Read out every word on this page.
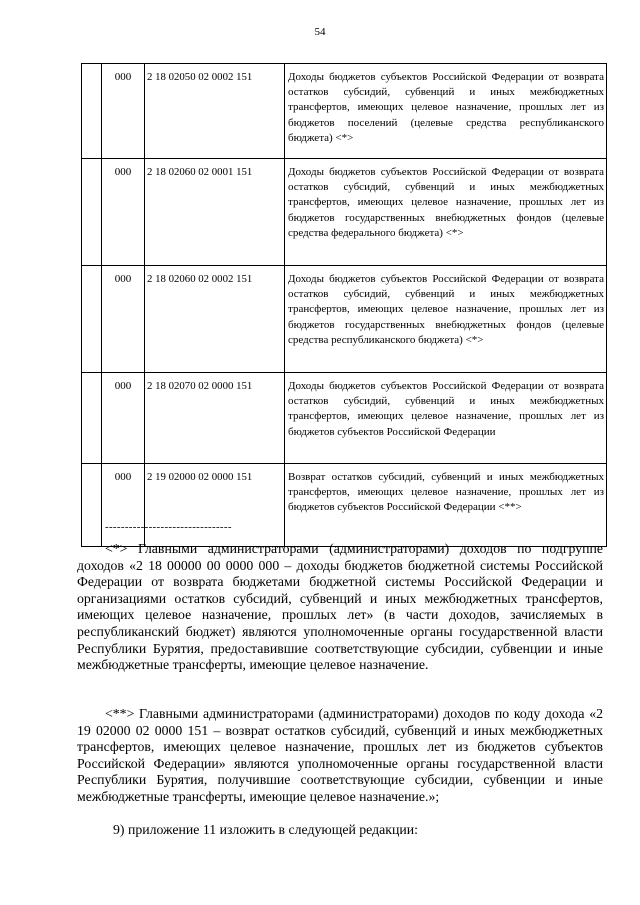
54
	000	2 18 02050 02 0002 151	Доходы бюджетов субъектов Российской Федерации от возврата остатков субсидий, субвенций и иных межбюджетных трансфертов, имеющих целевое назначение, прошлых лет из бюджетов поселений (целевые средства республиканского бюджета) <*>
	000	2 18 02060 02 0001 151	Доходы бюджетов субъектов Российской Федерации от возврата остатков субсидий, субвенций и иных межбюджетных трансфертов, имеющих целевое назначение, прошлых лет из бюджетов государственных внебюджетных фондов (целевые средства федерального бюджета) <*>
	000	2 18 02060 02 0002 151	Доходы бюджетов субъектов Российской Федерации от возврата остатков субсидий, субвенций и иных межбюджетных трансфертов, имеющих целевое назначение, прошлых лет из бюджетов государственных внебюджетных фондов (целевые средства республиканского бюджета) <*>
	000	2 18 02070 02 0000 151	Доходы бюджетов субъектов Российской Федерации от возврата остатков субсидий, субвенций и иных межбюджетных трансфертов, имеющих целевое назначение, прошлых лет из бюджетов субъектов Российской Федерации
	000	2 19 02000 02 0000 151	Возврат остатков субсидий, субвенций и иных межбюджетных трансфертов, имеющих целевое назначение, прошлых лет из бюджетов субъектов Российской Федерации <**>
--------------------------------

<*> Главными администраторами (администраторами) доходов по подгруппе доходов «2 18 00000 00 0000 000 – доходы бюджетов бюджетной системы Российской Федерации от возврата бюджетами бюджетной системы Российской Федерации и организациями остатков субсидий, субвенций и иных межбюджетных трансфертов, имеющих целевое назначение, прошлых лет» (в части доходов, зачисляемых в республиканский бюджет) являются уполномоченные органы государственной власти Республики Бурятия, предоставившие соответствующие субсидии, субвенции и иные межбюджетные трансферты, имеющие целевое назначение.

<**> Главными администраторами (администраторами) доходов по коду дохода «2 19 02000 02 0000 151 – возврат остатков субсидий, субвенций и иных межбюджетных трансфертов, имеющих целевое назначение, прошлых лет из бюджетов субъектов Российской Федерации» являются уполномоченные органы государственной власти Республики Бурятия, получившие соответствующие субсидии, субвенции и иные межбюджетные трансферты, имеющие целевое назначение.»;

9) приложение 11 изложить в следующей редакции:
